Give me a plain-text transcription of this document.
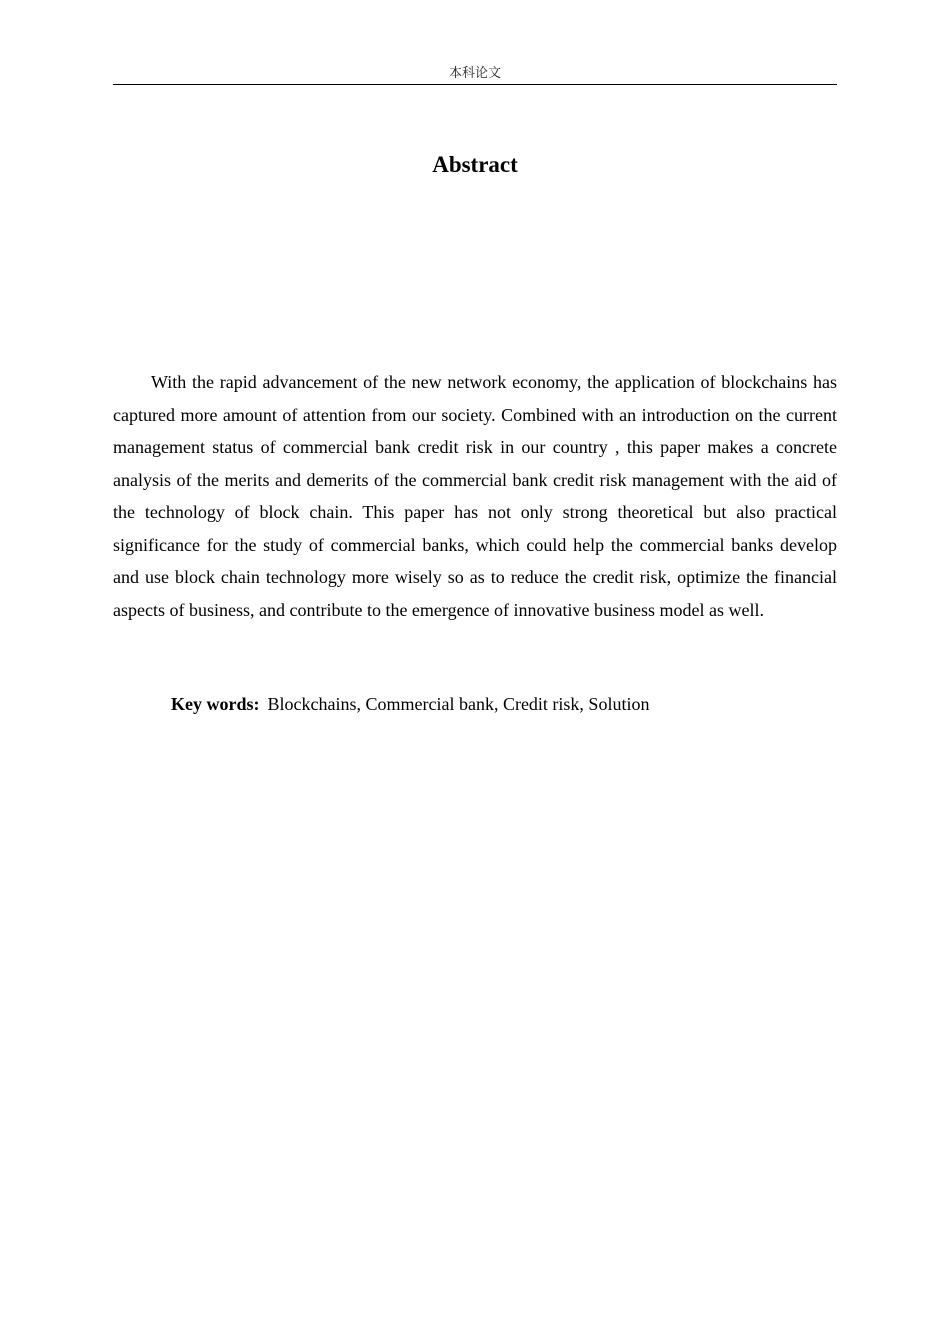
本科论文
Abstract

With the rapid advancement of the new network economy, the application of blockchains has captured more amount of attention from our society. Combined with an introduction on the current management status of commercial bank credit risk in our country , this paper makes a concrete analysis of the merits and demerits of the commercial bank credit risk management with the aid of the technology of block chain. This paper has not only strong theoretical but also practical significance for the study of commercial banks, which could help the commercial banks develop and use block chain technology more wisely so as to reduce the credit risk, optimize the financial aspects of business, and contribute to the emergence of innovative business model as well.

Key words: Blockchains, Commercial bank, Credit risk, Solution
